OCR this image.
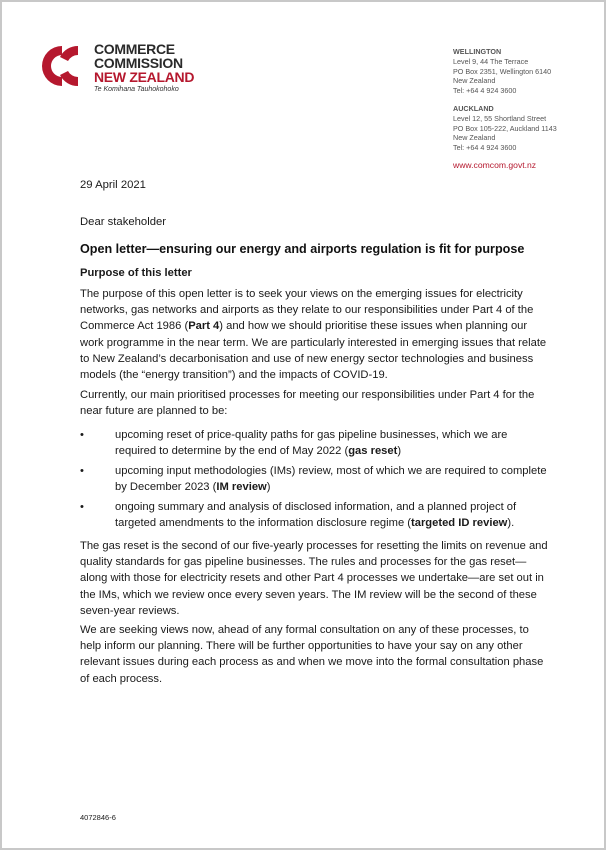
COMMERCE
COMMISSION
NEW ZEALAND
Te Komihana Tauhokohoko
WELLINGTON
Level 9, 44 The Terrace
PO Box 2351, Wellington 6140
New Zealand
Tel: +64 4 924 3600
AUCKLAND
Level 12, 55 Shortland Street
PO Box 105-222, Auckland 1143
New Zealand
Tel: +64 4 924 3600
www.comcom.govt.nz
29 April 2021
Dear stakeholder
Open letter—ensuring our energy and airports regulation is fit for purpose
Purpose of this letter

The purpose of this open letter is to seek your views on the emerging issues for electricity networks, gas networks and airports as they relate to our responsibilities under Part 4 of the Commerce Act 1986 (Part 4) and how we should prioritise these issues when planning our work programme in the near term. We are particularly interested in emerging issues that relate to New Zealand’s decarbonisation and use of new energy sector technologies and business models (the “energy transition”) and the impacts of COVID-19.

Currently, our main prioritised processes for meeting our responsibilities under Part 4 for the near future are planned to be:

•	upcoming reset of price-quality paths for gas pipeline businesses, which we are required to determine by the end of May 2022 (gas reset)
•	upcoming input methodologies (IMs) review, most of which we are required to complete by December 2023 (IM review)
•	ongoing summary and analysis of disclosed information, and a planned project of targeted amendments to the information disclosure regime (targeted ID review).

The gas reset is the second of our five-yearly processes for resetting the limits on revenue and quality standards for gas pipeline businesses. The rules and processes for the gas reset—along with those for electricity resets and other Part 4 processes we undertake—are set out in the IMs, which we review once every seven years. The IM review will be the second of these seven-year reviews.

We are seeking views now, ahead of any formal consultation on any of these processes, to help inform our planning. There will be further opportunities to have your say on any other relevant issues during each process as and when we move into the formal consultation phase of each process.

4072846-6
